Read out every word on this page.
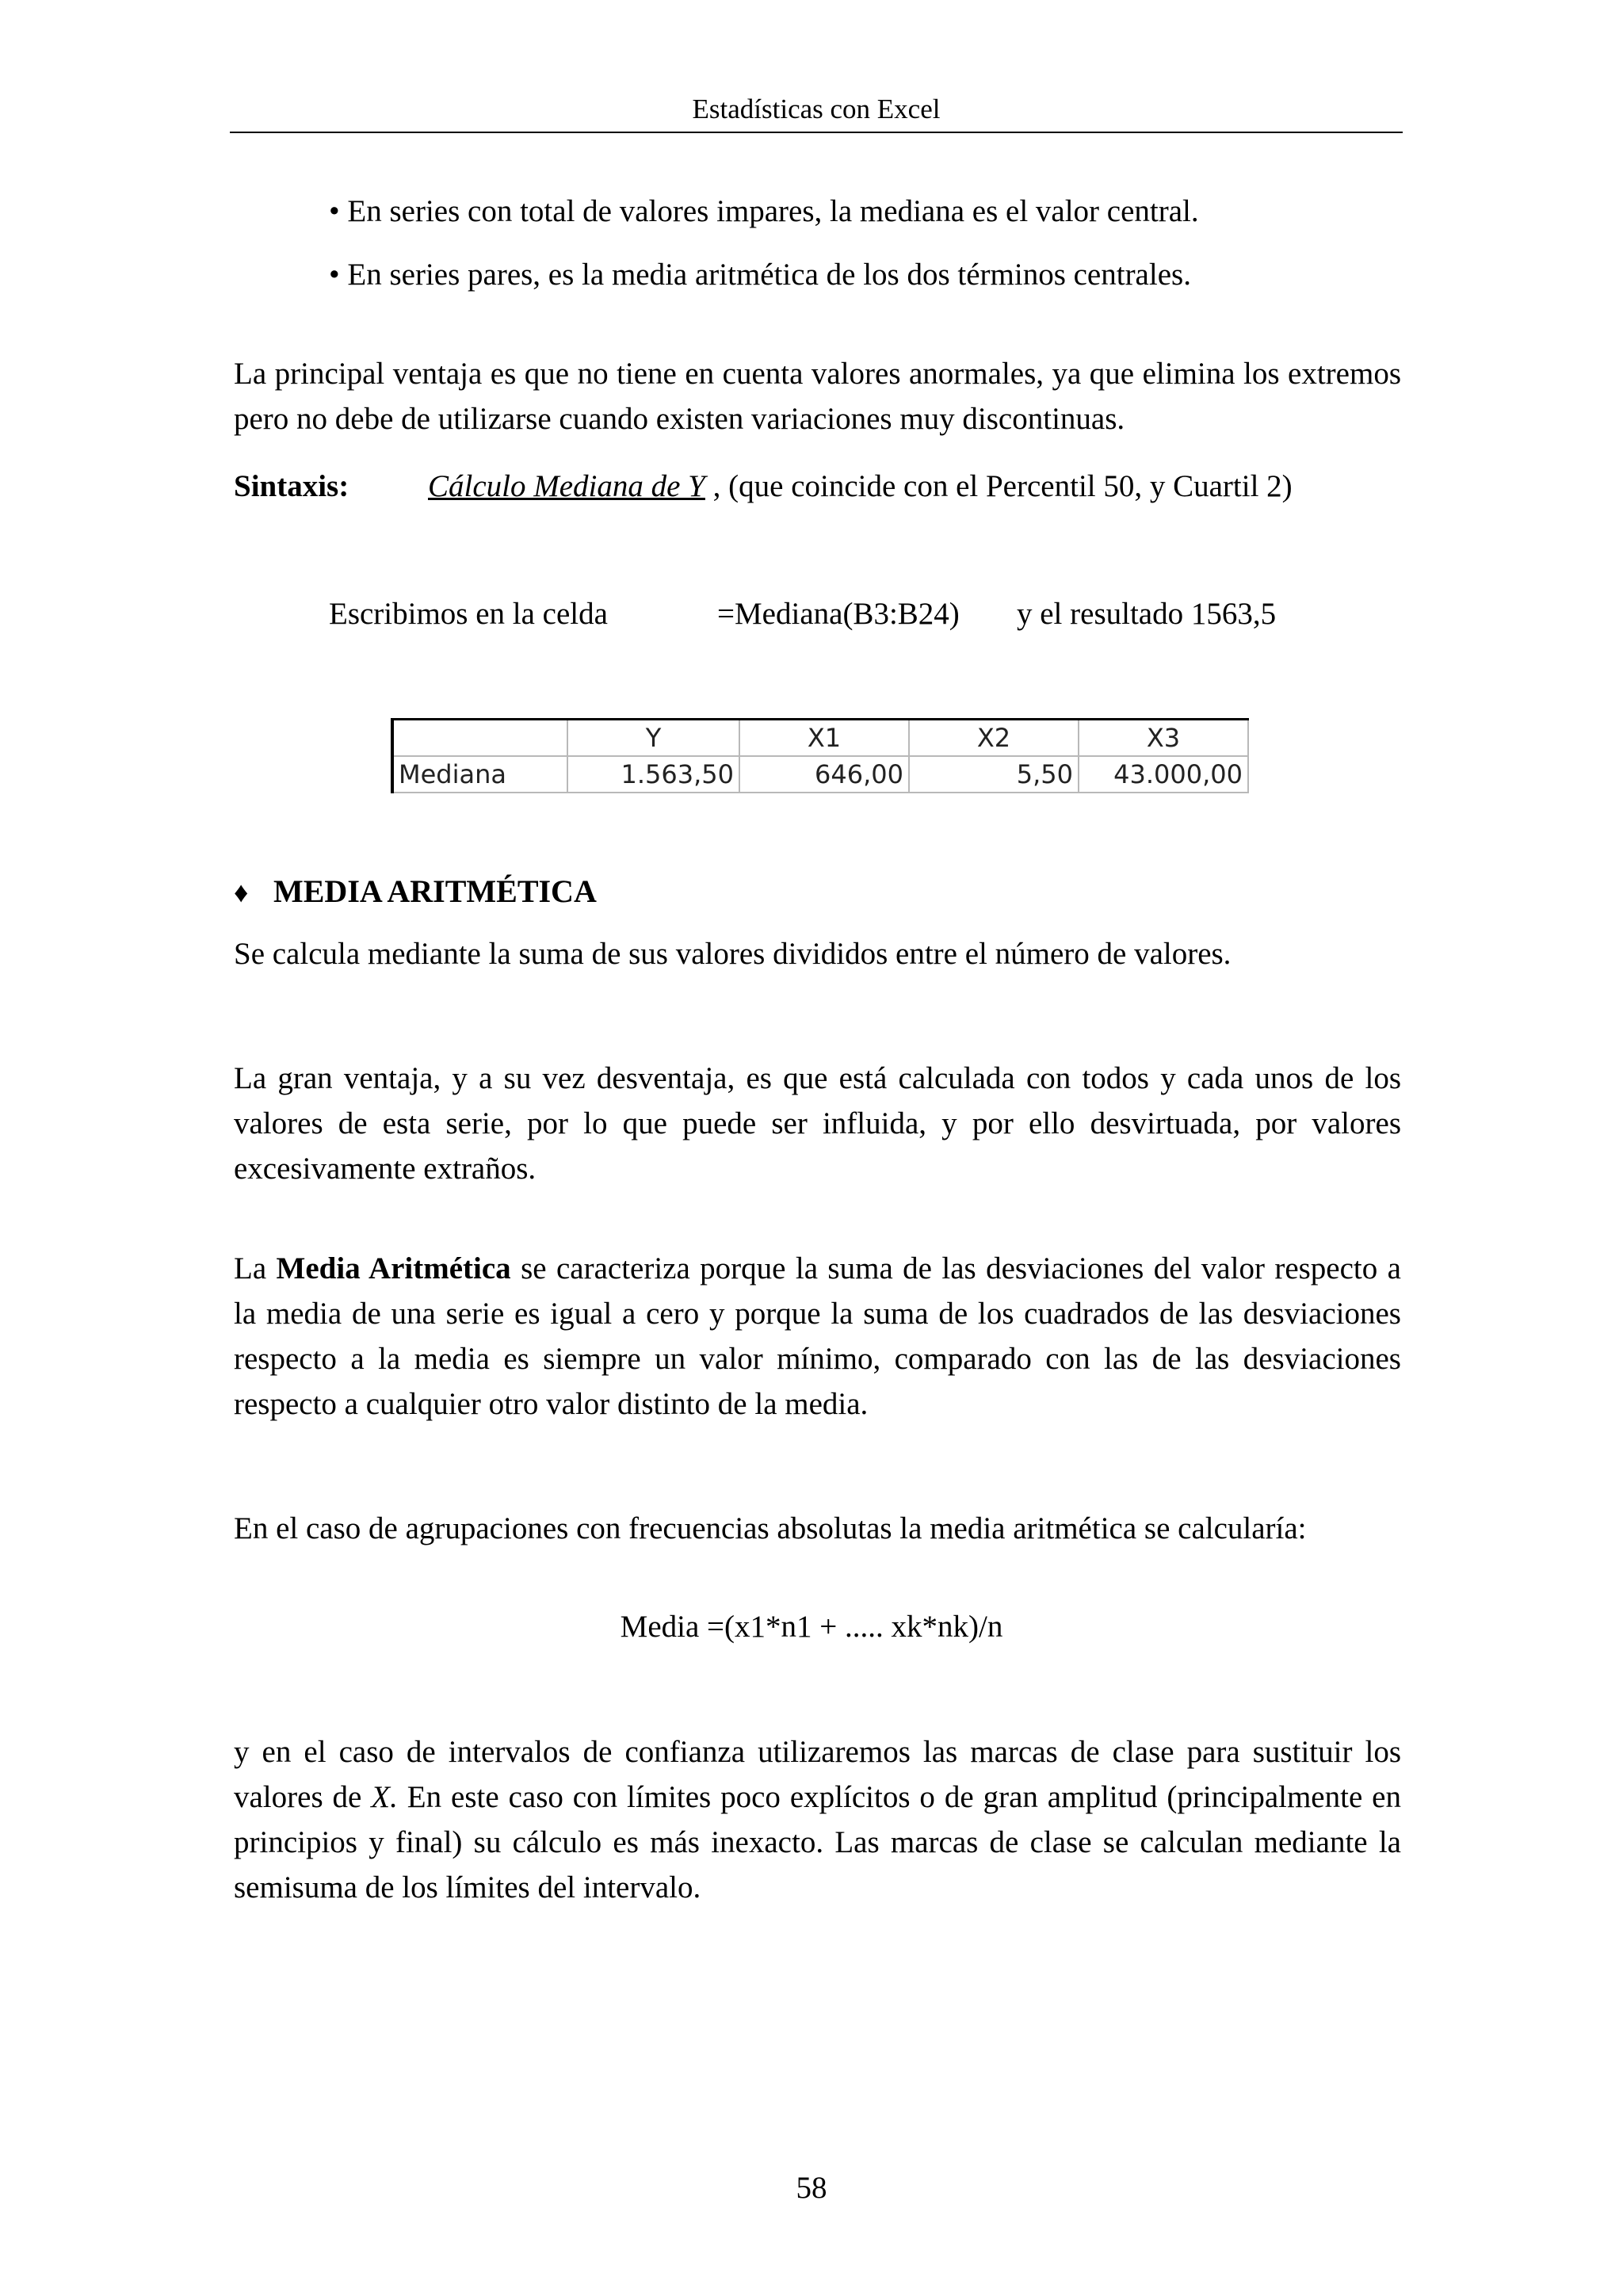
Estadísticas con Excel
• En series con total de valores impares, la mediana es el valor central.
• En series pares, es la media aritmética de los dos términos centrales.

La principal ventaja es que no tiene en cuenta valores anormales, ya que elimina los extremos pero no debe de utilizarse cuando existen variaciones muy discontinuas.

Sintaxis:	Cálculo Mediana de Y , (que coincide con el Percentil 50, y Cuartil 2)
Escribimos en la celda	=Mediana(B3:B24) y el resultado 1563,5
	Y	X1	X2	X3
Mediana	1.563,50	646,00	5,50	43.000,00
♦ MEDIA ARITMÉTICA

Se calcula mediante la suma de sus valores divididos entre el número de valores.

La gran ventaja, y a su vez desventaja, es que está calculada con todos y cada unos de los valores de esta serie, por lo que puede ser influida, y por ello desvirtuada, por valores excesivamente extraños.

La Media Aritmética se caracteriza porque la suma de las desviaciones del valor respecto a la media de una serie es igual a cero y porque la suma de los cuadrados de las desviaciones respecto a la media es siempre un valor mínimo, comparado con las de las desviaciones respecto a cualquier otro valor distinto de la media.

En el caso de agrupaciones con frecuencias absolutas la media aritmética se calcularía:

Media =(x1*n1 + ..... xk*nk)/n

y en el caso de intervalos de confianza utilizaremos las marcas de clase para sustituir los valores de X. En este caso con límites poco explícitos o de gran amplitud (principalmente en principios y final) su cálculo es más inexacto. Las marcas de clase se calculan mediante la semisuma de los límites del intervalo.

58
